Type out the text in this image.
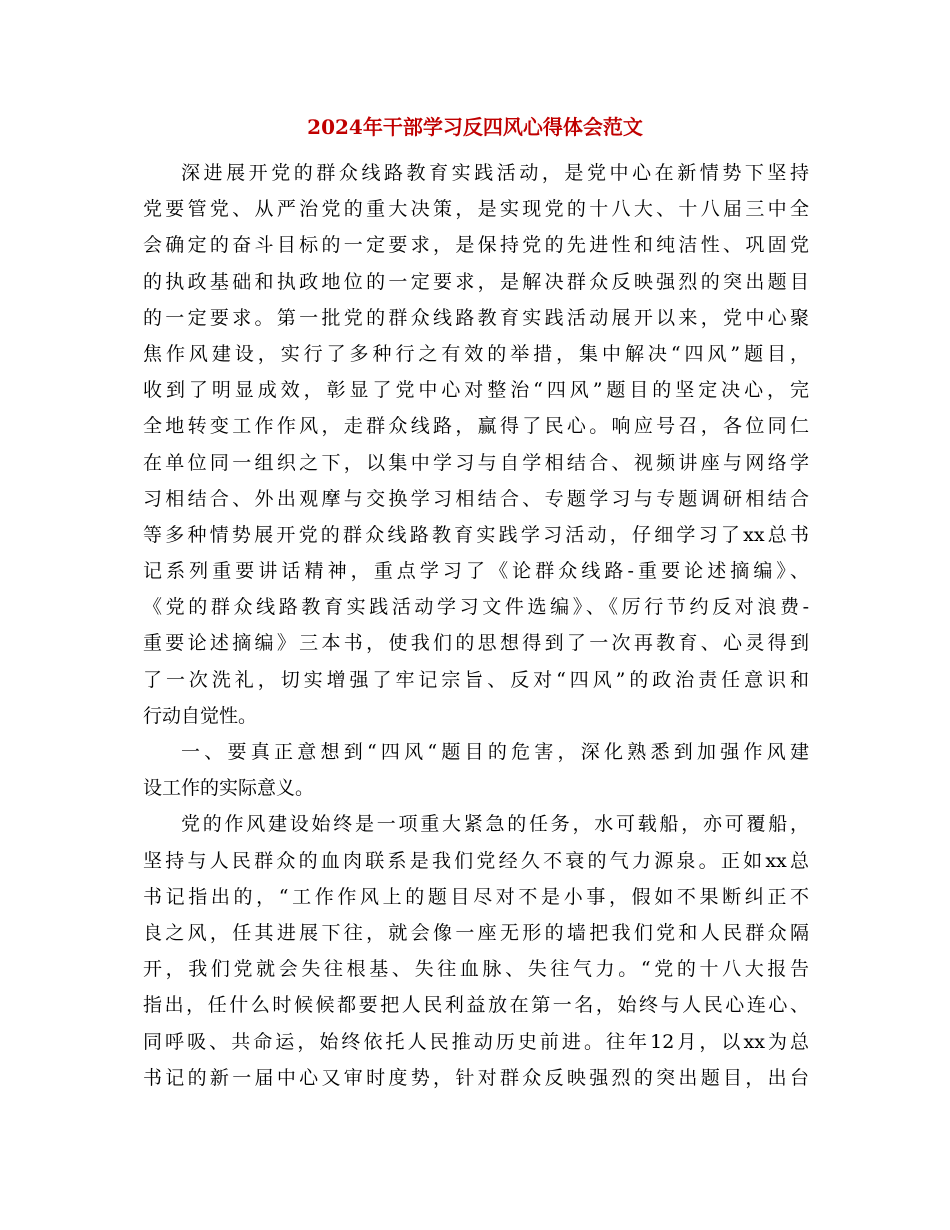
2024年干部学习反四风心得体会范文

深进展开党的群众线路教育实践活动，是党中心在新情势下坚持
党要管党、从严治党的重大决策，是实现党的十八大、十八届三中全
会确定的奋斗目标的一定要求，是保持党的先进性和纯洁性、巩固党
的执政基础和执政地位的一定要求，是解决群众反映强烈的突出题目
的一定要求。第一批党的群众线路教育实践活动展开以来，党中心聚
焦作风建设，实行了多种行之有效的举措，集中解决“四风”题目，
收到了明显成效，彰显了党中心对整治“四风”题目的坚定决心，完
全地转变工作作风，走群众线路，赢得了民心。响应号召，各位同仁
在单位同一组织之下，以集中学习与自学相结合、视频讲座与网络学
习相结合、外出观摩与交换学习相结合、专题学习与专题调研相结合
等多种情势展开党的群众线路教育实践学习活动，仔细学习了xx总书
记系列重要讲话精神，重点学习了《论群众线路-重要论述摘编》、
《党的群众线路教育实践活动学习文件选编》、《厉行节约反对浪费-
重要论述摘编》三本书，使我们的思想得到了一次再教育、心灵得到
了一次洗礼，切实增强了牢记宗旨、反对“四风”的政治责任意识和
行动自觉性。

一、要真正意想到“四风“题目的危害，深化熟悉到加强作风建
设工作的实际意义。

党的作风建设始终是一项重大紧急的任务，水可载船，亦可覆船，
坚持与人民群众的血肉联系是我们党经久不衰的气力源泉。正如xx总
书记指出的，“工作作风上的题目尽对不是小事，假如不果断纠正不
良之风，任其进展下往，就会像一座无形的墙把我们党和人民群众隔
开，我们党就会失往根基、失往血脉、失往气力。“党的十八大报告
指出，任什么时候候都要把人民利益放在第一名，始终与人民心连心、
同呼吸、共命运，始终依托人民推动历史前进。往年12月，以xx为总
书记的新一届中心又审时度势，针对群众反映强烈的突出题目，出台
